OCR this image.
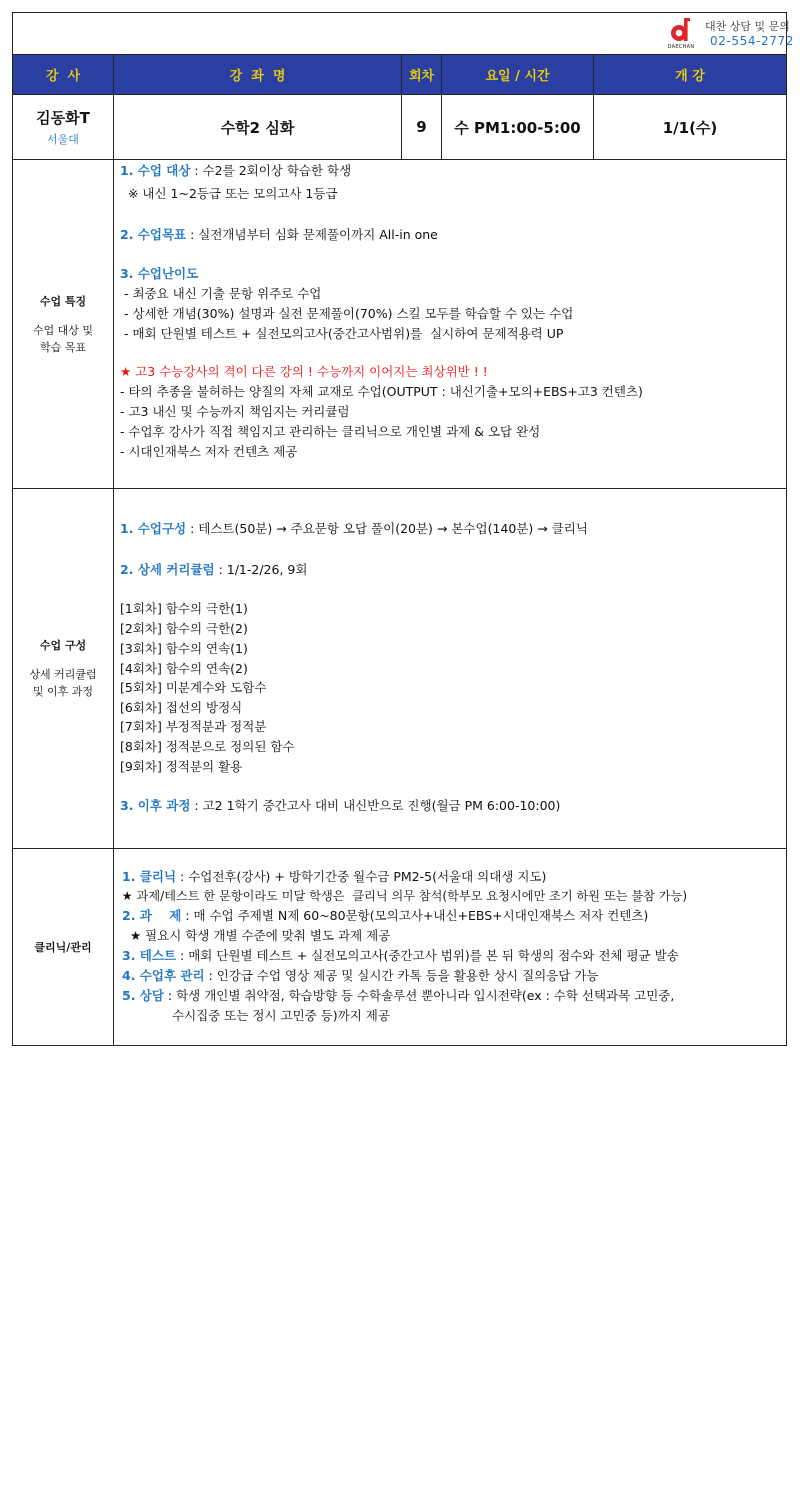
DAECHAN
대찬 상담 및 문의
02-554-2772
강  사	강  좌  명	회차	요일 / 시간	개 강
김동화T
서울대
수학2 심화	9	수 PM1:00-5:00	1/1(수)
수업 특징
수업 대상 및
학습 목표
1. 수업 대상 : 수2를 2회이상 학습한 학생
※ 내신 1~2등급 또는 모의고사 1등급
2. 수업목표 : 실전개념부터 심화 문제풀이까지 All-in one
3. 수업난이도
- 최중요 내신 기출 문항 위주로 수업
- 상세한 개념(30%) 설명과 실전 문제풀이(70%) 스킬 모두를 학습할 수 있는 수업
- 매회 단원별 테스트 + 실전모의고사(중간고사범위)를  실시하여 문제적용력 UP
★ 고3 수능강사의 격이 다른 강의 ! 수능까지 이어지는 최상위반 ! !
- 타의 추종을 불허하는 양질의 자체 교재로 수업(OUTPUT : 내신기출+모의+EBS+고3 컨텐츠)
- 고3 내신 및 수능까지 책임지는 커리큘럼
- 수업후 강사가 직접 책임지고 관리하는 클리닉으로 개인별 과제 & 오답 완성
- 시대인재북스 저자 컨텐츠 제공
수업 구성
상세 커리큘럼
및 이후 과정
1. 수업구성 : 테스트(50분) → 주요문항 오답 풀이(20분) → 본수업(140분) → 클리닉
2. 상세 커리큘럼 : 1/1-2/26, 9회
[1회차] 함수의 극한(1)
[2회차] 함수의 극한(2)
[3회차] 함수의 연속(1)
[4회차] 함수의 연속(2)
[5회차] 미분계수와 도함수
[6회차] 접선의 방정식
[7회차] 부정적분과 정적분
[8회차] 정적분으로 정의된 함수
[9회차] 정적분의 활용
3. 이후 과정 : 고2 1학기 중간고사 대비 내신반으로 진행(월금 PM 6:00-10:00)
클리닉/관리
1. 클리닉 : 수업전후(강사) + 방학기간중 월수금 PM2-5(서울대 의대생 지도)
★ 과제/테스트 한 문항이라도 미달 학생은  클리닉 의무 참석(학부모 요청시에만 조기 하원 또는 불참 가능)
2. 과    제 : 매 수업 주제별 N제 60~80문항(모의고사+내신+EBS+시대인재북스 저자 컨텐츠)
★ 필요시 학생 개별 수준에 맞춰 별도 과제 제공
3. 테스트 : 매회 단원별 테스트 + 실전모의고사(중간고사 범위)를 본 뒤 학생의 점수와 전체 평균 발송
4. 수업후 관리 : 인강급 수업 영상 제공 및 실시간 카톡 등을 활용한 상시 질의응답 가능
5. 상담 : 학생 개인별 취약점, 학습방향 등 수학솔루션 뿐아니라 입시전략(ex : 수학 선택과목 고민중,
수시집중 또는 정시 고민중 등)까지 제공
